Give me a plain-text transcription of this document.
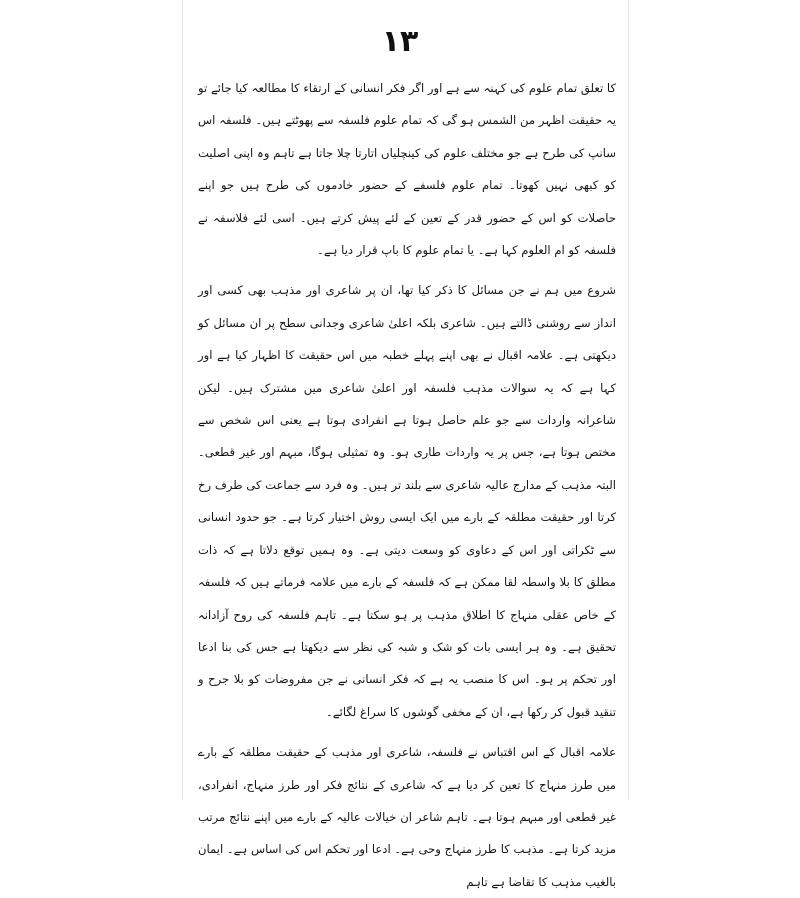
۱۳

کا تعلق تمام علوم کی کہنہ سے ہے اور اگر فکر انسانی کے ارتقاء کا مطالعہ کیا جائے تو یہ حقیقت اظہر من الشمس ہو گی کہ تمام علوم فلسفہ سے پھوٹتے ہیں۔ فلسفہ اس سانپ کی طرح ہے جو مختلف علوم کی کینچلیاں اتارتا چلا جاتا ہے تاہم وہ اپنی اصلیت کو کبھی نہیں کھوتا۔ تمام علوم فلسفے کے حضور خادموں کی طرح ہیں جو اپنے حاصلات کو اس کے حضور قدر کے تعین کے لئے پیش کرتے ہیں۔ اسی لئے فلاسفہ نے فلسفہ کو ام العلوم کہا ہے۔ یا تمام علوم کا باپ قرار دیا ہے۔

شروع میں ہم نے جن مسائل کا ذکر کیا تھا، ان پر شاعری اور مذہب بھی کسی اور انداز سے روشنی ڈالتے ہیں۔ شاعری بلکہ اعلیٰ شاعری وجدانی سطح پر ان مسائل کو دیکھتی ہے۔ علامہ اقبال نے بھی اپنے پہلے خطبہ میں اس حقیقت کا اظہار کیا ہے اور کہا ہے کہ یہ سوالات مذہب فلسفہ اور اعلیٰ شاعری میں مشترک ہیں۔ لیکن شاعرانہ واردات سے جو علم حاصل ہوتا ہے انفرادی ہوتا ہے یعنی اس شخص سے مختص ہوتا ہے، جس پر یہ واردات طاری ہو۔ وہ تمثیلی ہوگا، مبہم اور غیر قطعی۔ البتہ مذہب کے مدارج عالیہ شاعری سے بلند تر ہیں۔ وہ فرد سے جماعت کی طرف رخ کرتا اور حقیقت مطلقہ کے بارے میں ایک ایسی روش اختیار کرتا ہے۔ جو حدود انسانی سے ٹکراتی اور اس کے دعاوی کو وسعت دیتی ہے۔ وہ ہمیں توقع دلاتا ہے کہ ذات مطلق کا بلا واسطہ لقا ممکن ہے کہ فلسفہ کے بارے میں علامہ فرماتے ہیں کہ فلسفہ کے خاص عقلی منہاج کا اطلاق مذہب پر ہو سکتا ہے۔ تاہم فلسفہ کی روح آزادانہ تحقیق ہے۔ وہ ہر ایسی بات کو شک و شبہ کی نظر سے دیکھتا ہے جس کی بنا ادعا اور تحکم پر ہو۔ اس کا منصب یہ ہے کہ فکر انسانی نے جن مفروضات کو بلا جرح و تنقید قبول کر رکھا ہے، ان کے مخفی گوشوں کا سراغ لگائے۔

علامہ اقبال کے اس اقتباس نے فلسفہ، شاعری اور مذہب کے حقیقت مطلقہ کے بارے میں طرز منہاج کا تعین کر دیا ہے کہ شاعری کے نتائج فکر اور طرز منہاج، انفرادی، غیر قطعی اور مبہم ہوتا ہے۔ تاہم شاعر ان خیالات عالیہ کے بارے میں اپنے نتائج مرتب مزید کرتا ہے۔ مذہب کا طرز منہاج وحی ہے۔ ادعا اور تحکم اس کی اساس ہے۔ ایمان بالغیب مذہب کا تقاضا ہے تاہم
